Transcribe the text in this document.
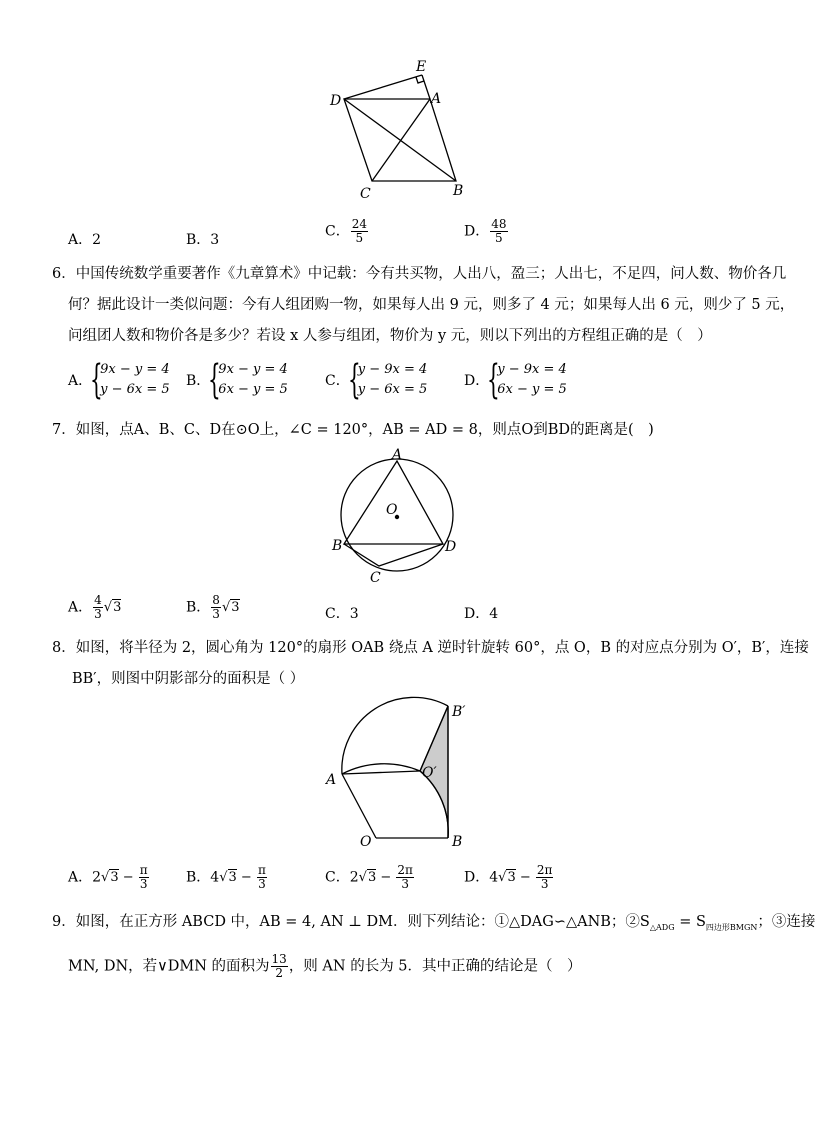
E
D	A
C	B
A．2	B．3
C． $\frac{24}{5}$	D． $\frac{48}{5}$
6．中国传统数学重要著作《九章算术》中记载：今有共买物，人出八，盈三；人出七，不足四，问人数、物价各几
何？据此设计一类似问题：今有人组团购一物，如果每人出 9 元，则多了 4 元；如果每人出 6 元，则少了 5 元，
问组团人数和物价各是多少？若设 x 人参与组团，物价为 y 元，则以下列出的方程组正确的是（　）
A．
{
9x − y = 4
y − 6x = 5
B．
{
9x − y = 4
6x − y = 5
C．
{
y − 9x = 4
y − 6x = 5
D．
{
y − 9x = 4
6x − y = 5
7．如图，点A、B、C、D在⊙O上，∠C = 120°，AB = AD = 8，则点O到BD的距离是(　)
A
O
B	D
C
A． $\frac{4}{3} √3$	B． $\frac{8}{3} √3$	C．3	D．4
8．如图，将半径为 2，圆心角为 120°的扇形 OAB 绕点 A 逆时针旋转 60°，点 O，B 的对应点分别为 O′，B′，连接
BB′，则图中阴影部分的面积是（ ）
B′
O′
A
O	B
A．$2√3 - \frac{\pi}{3}$	B．$4√3 - \frac{\pi}{3}$	C．$2√3 - \frac{2\pi}{3}$	D．$4√3 - \frac{2\pi}{3}$
9．如图，在正方形 ABCD 中，AB = 4, AN ⊥ DM．则下列结论：①△DAG∽△ANB；$②S_{\triangle ADG} = S_{四边形BMGN}$；③连接
MN, DN，若∨DMN 的面积为 $\frac{13}{2}$ ，则 AN 的长为 5．其中正确的结论是（　）
